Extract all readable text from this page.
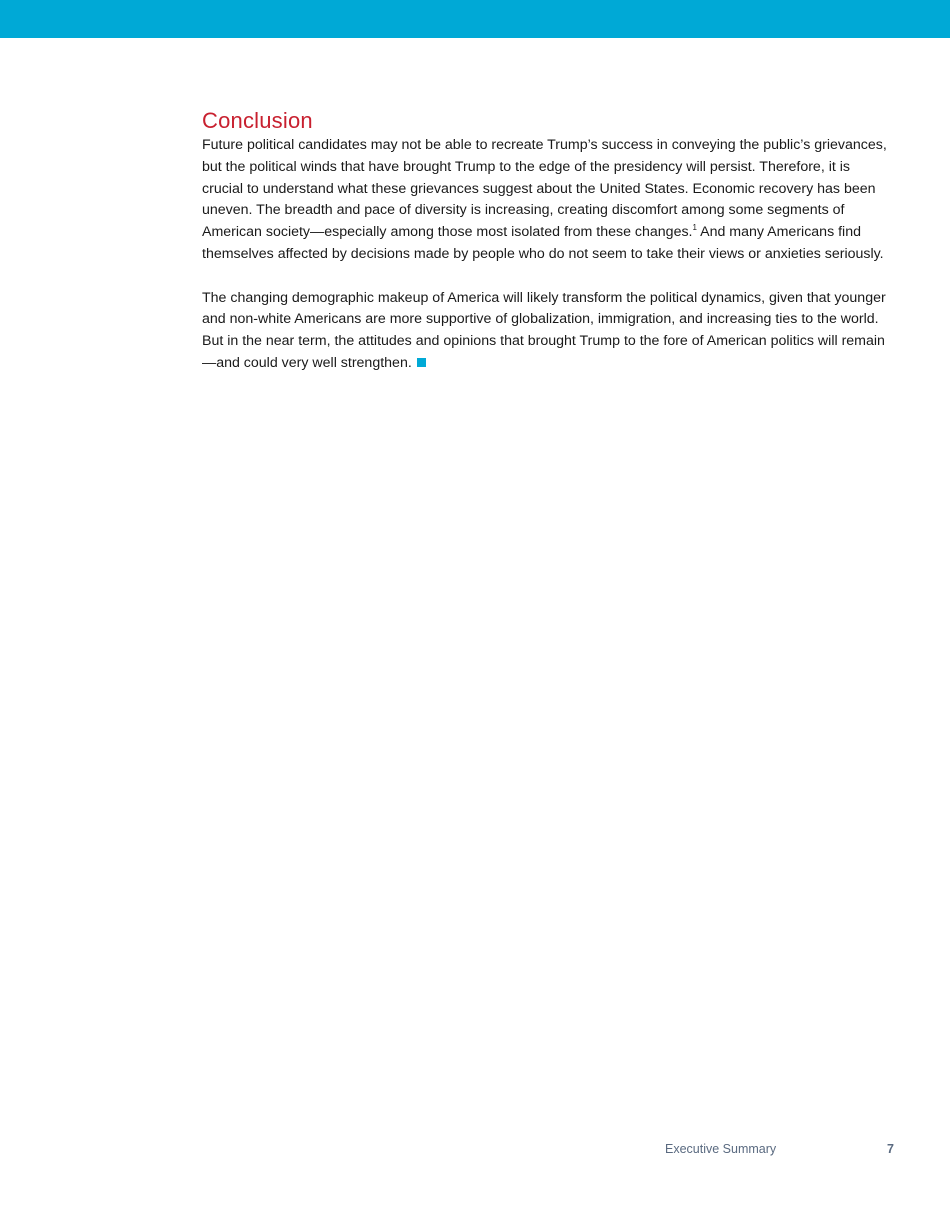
Conclusion

Future political candidates may not be able to recreate Trump’s success in conveying the public’s grievances, but the political winds that have brought Trump to the edge of the presidency will persist. Therefore, it is crucial to understand what these grievances suggest about the United States. Economic recovery has been uneven. The breadth and pace of diversity is increasing, creating discomfort among some segments of American society—especially among those most isolated from these changes.$^1$ And many Americans find themselves affected by decisions made by people who do not seem to take their views or anxieties seriously.

The changing demographic makeup of America will likely transform the political dynamics, given that younger and non-white Americans are more supportive of globalization, immigration, and increasing ties to the world. But in the near term, the attitudes and opinions that brought Trump to the fore of American politics will remain—and could very well strengthen.

Executive Summary	7
